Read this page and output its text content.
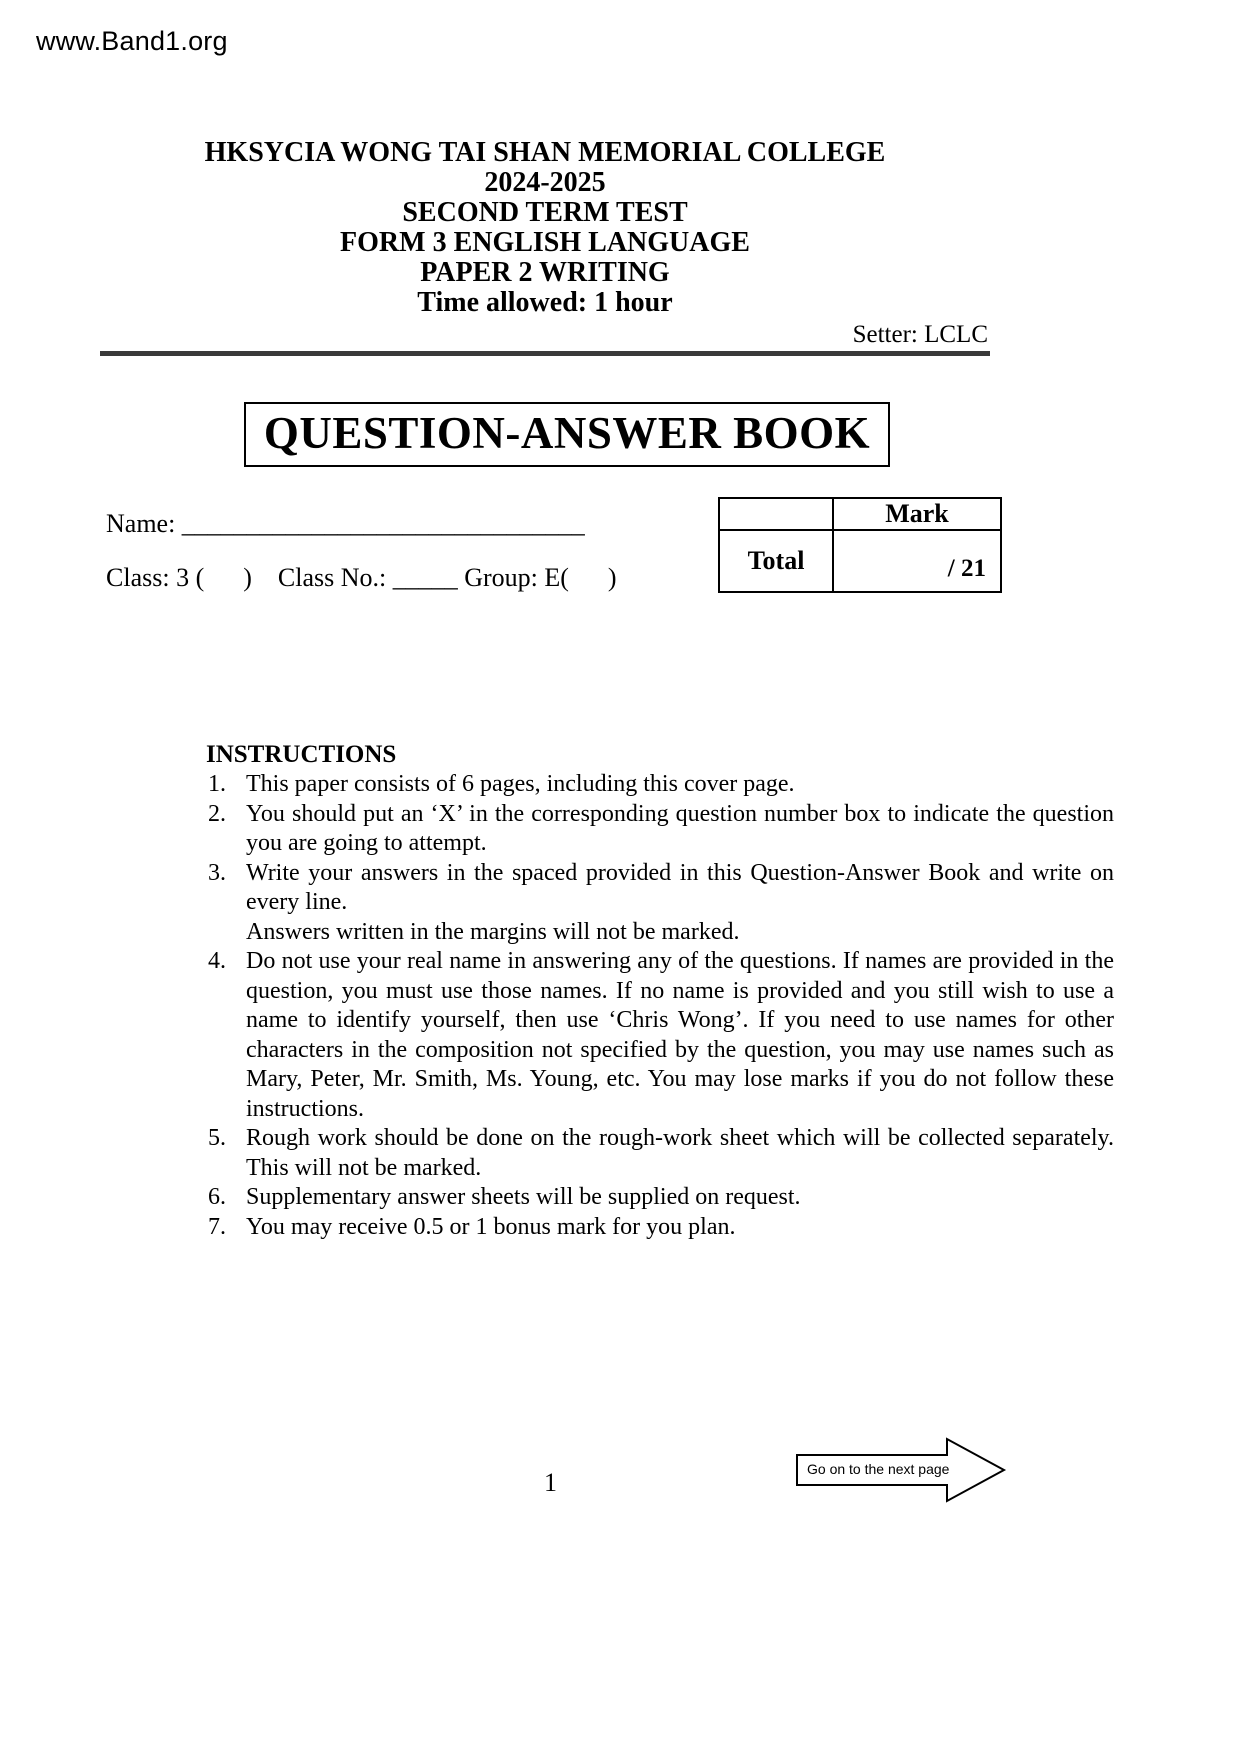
www.Band1.org
HKSYCIA WONG TAI SHAN MEMORIAL COLLEGE
2024-2025
SECOND TERM TEST
FORM 3 ENGLISH LANGUAGE
PAPER 2 WRITING
Time allowed: 1 hour
Setter: LCLC
QUESTION-ANSWER BOOK
Name: _______________________________
Class: 3 (      )    Class No.: _____ Group: E(      )
INSTRUCTIONS
1. This paper consists of 6 pages, including this cover page.
2. You should put an ‘X’ in the corresponding question number box to indicate the question you are going to attempt.
3. Write your answers in the spaced provided in this Question-Answer Book and write on every line.
Answers written in the margins will not be marked.
4. Do not use your real name in answering any of the questions. If names are provided in the question, you must use those names. If no name is provided and you still wish to use a name to identify yourself, then use ‘Chris Wong’. If you need to use names for other characters in the composition not specified by the question, you may use names such as Mary, Peter, Mr. Smith, Ms. Young, etc. You may lose marks if you do not follow these instructions.
5. Rough work should be done on the rough-work sheet which will be collected separately. This will not be marked.
6. Supplementary answer sheets will be supplied on request.
7. You may receive 0.5 or 1 bonus mark for you plan.
	Mark
Total	/ 21
Go on to the next page
1
